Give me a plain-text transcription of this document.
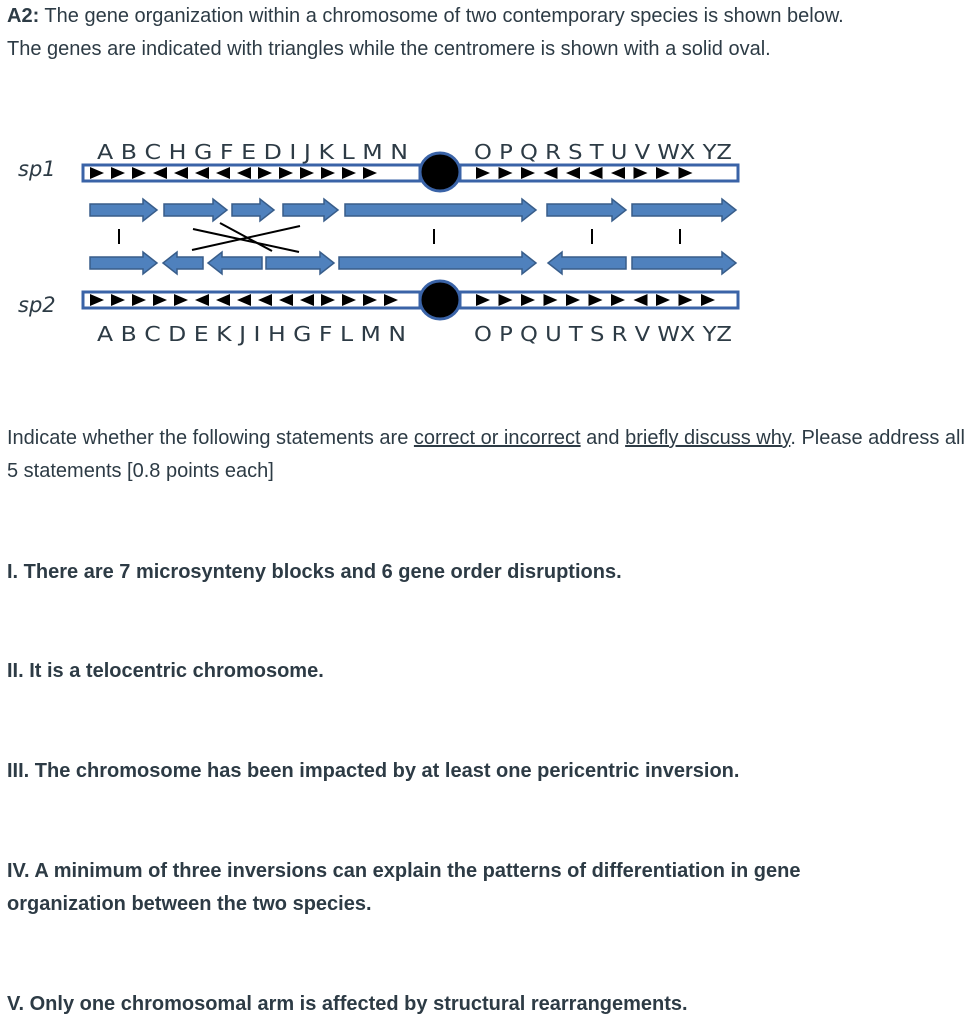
A2: The gene organization within a chromosome of two contemporary species is shown below.
The genes are indicated with triangles while the centromere is shown with a solid oval.

sp1
sp2
A B C H G F E D I J K L M N	O P Q R S T U V WX YZ
A B C D E K J I H G F L M N	O P Q U T S R V WX YZ

Indicate whether the following statements are correct or incorrect and briefly discuss why. Please address all 5 statements [0.8 points each]

I. There are 7 microsynteny blocks and 6 gene order disruptions.

II. It is a telocentric chromosome.

III. The chromosome has been impacted by at least one pericentric inversion.

IV. A minimum of three inversions can explain the patterns of differentiation in gene organization between the two species.

V. Only one chromosomal arm is affected by structural rearrangements.
